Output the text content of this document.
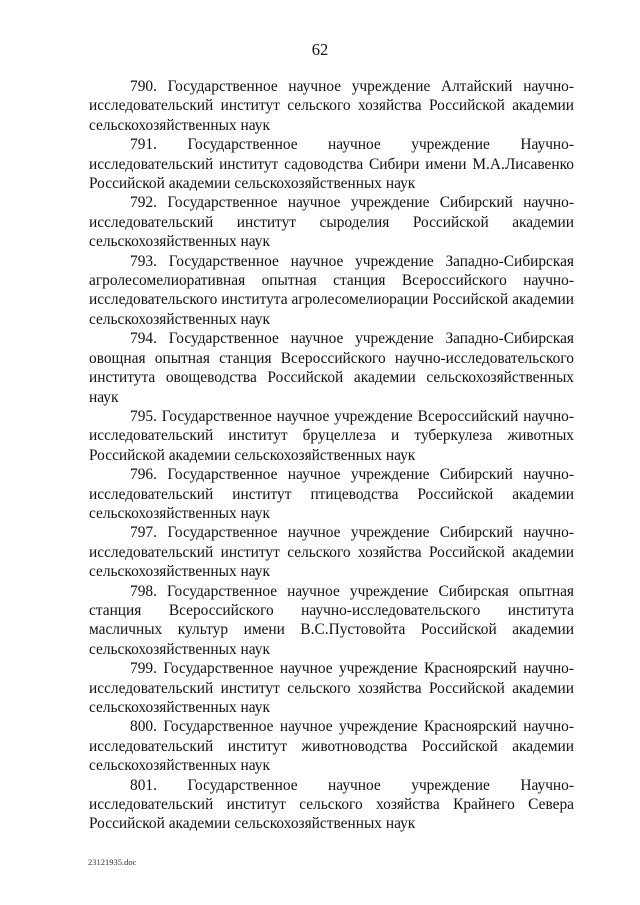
62

790. Государственное научное учреждение Алтайский научно-исследовательский институт сельского хозяйства Российской академии сельскохозяйственных наук

791. Государственное научное учреждение Научно-исследовательский институт садоводства Сибири имени М.А.Лисавенко Российской академии сельскохозяйственных наук

792. Государственное научное учреждение Сибирский научно-исследовательский институт сыроделия Российской академии сельскохозяйственных наук

793. Государственное научное учреждение Западно-Сибирская агролесомелиоративная опытная станция Всероссийского научно-исследовательского института агролесомелиорации Российской академии сельскохозяйственных наук

794. Государственное научное учреждение Западно-Сибирская овощная опытная станция Всероссийского научно-исследовательского института овощеводства Российской академии сельскохозяйственных наук

795. Государственное научное учреждение Всероссийский научно-исследовательский институт бруцеллеза и туберкулеза животных Российской академии сельскохозяйственных наук

796. Государственное научное учреждение Сибирский научно-исследовательский институт птицеводства Российской академии сельскохозяйственных наук

797. Государственное научное учреждение Сибирский научно-исследовательский институт сельского хозяйства Российской академии сельскохозяйственных наук

798. Государственное научное учреждение Сибирская опытная станция Всероссийского научно-исследовательского института масличных культур имени В.С.Пустовойта Российской академии сельскохозяйственных наук

799. Государственное научное учреждение Красноярский научно-исследовательский институт сельского хозяйства Российской академии сельскохозяйственных наук

800. Государственное научное учреждение Красноярский научно-исследовательский институт животноводства Российской академии сельскохозяйственных наук

801. Государственное научное учреждение Научно-исследовательский институт сельского хозяйства Крайнего Севера Российской академии сельскохозяйственных наук

23121935.doc
